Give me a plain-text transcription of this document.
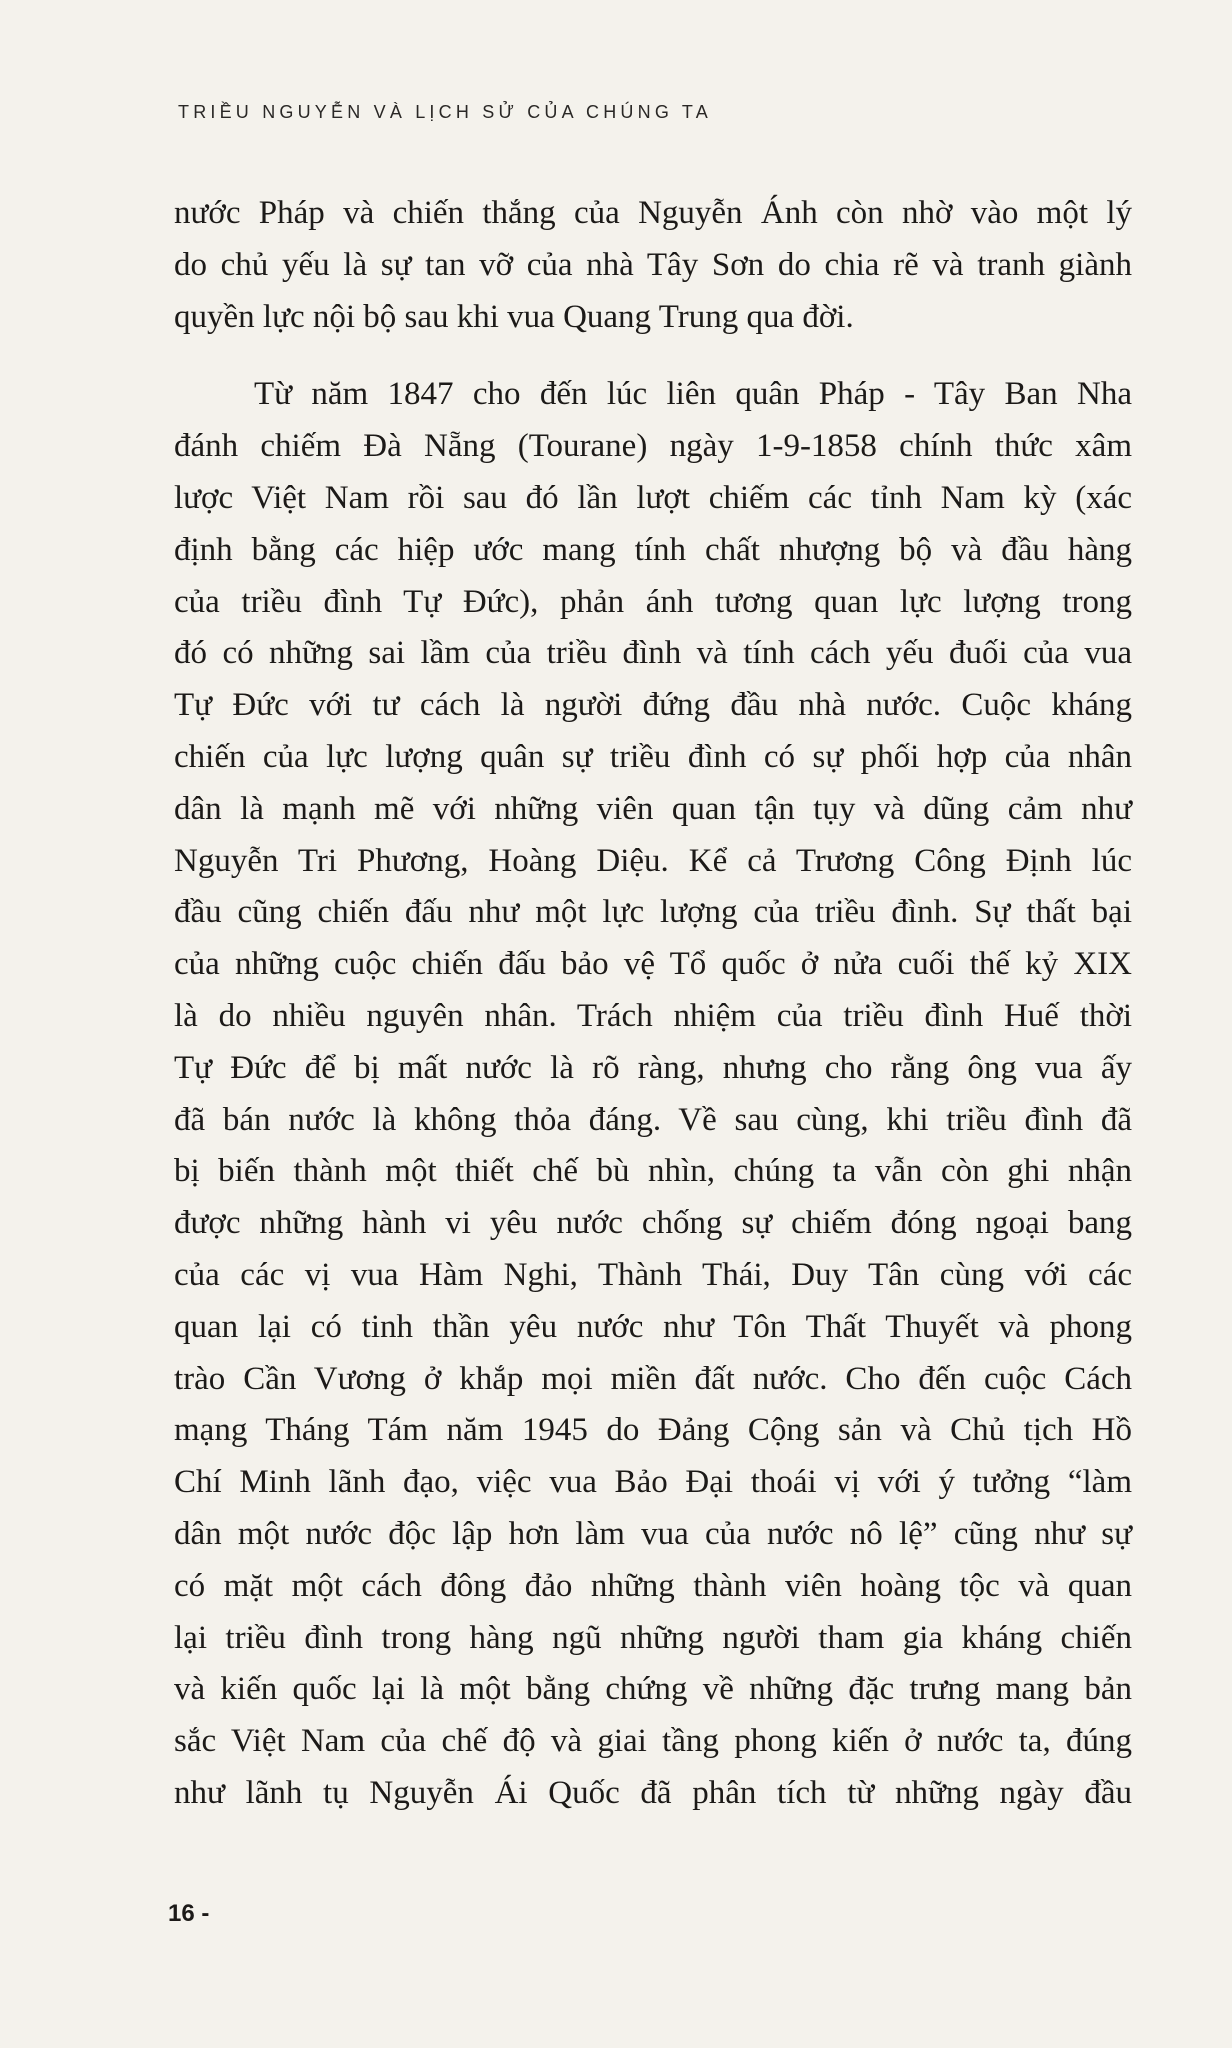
TRIỀU NGUYỄN VÀ LỊCH SỬ CỦA CHÚNG TA
nước Pháp và chiến thắng của Nguyễn Ánh còn nhờ vào một lý
do chủ yếu là sự tan vỡ của nhà Tây Sơn do chia rẽ và tranh giành
quyền lực nội bộ sau khi vua Quang Trung qua đời.
Từ năm 1847 cho đến lúc liên quân Pháp - Tây Ban Nha
đánh chiếm Đà Nẵng (Tourane) ngày 1-9-1858 chính thức xâm
lược Việt Nam rồi sau đó lần lượt chiếm các tỉnh Nam kỳ (xác
định bằng các hiệp ước mang tính chất nhượng bộ và đầu hàng
của triều đình Tự Đức), phản ánh tương quan lực lượng trong
đó có những sai lầm của triều đình và tính cách yếu đuối của vua
Tự Đức với tư cách là người đứng đầu nhà nước. Cuộc kháng
chiến của lực lượng quân sự triều đình có sự phối hợp của nhân
dân là mạnh mẽ với những viên quan tận tụy và dũng cảm như
Nguyễn Tri Phương, Hoàng Diệu. Kể cả Trương Công Định lúc
đầu cũng chiến đấu như một lực lượng của triều đình. Sự thất bại
của những cuộc chiến đấu bảo vệ Tổ quốc ở nửa cuối thế kỷ XIX
là do nhiều nguyên nhân. Trách nhiệm của triều đình Huế thời
Tự Đức để bị mất nước là rõ ràng, nhưng cho rằng ông vua ấy
đã bán nước là không thỏa đáng. Về sau cùng, khi triều đình đã
bị biến thành một thiết chế bù nhìn, chúng ta vẫn còn ghi nhận
được những hành vi yêu nước chống sự chiếm đóng ngoại bang
của các vị vua Hàm Nghi, Thành Thái, Duy Tân cùng với các
quan lại có tinh thần yêu nước như Tôn Thất Thuyết và phong
trào Cần Vương ở khắp mọi miền đất nước. Cho đến cuộc Cách
mạng Tháng Tám năm 1945 do Đảng Cộng sản và Chủ tịch Hồ
Chí Minh lãnh đạo, việc vua Bảo Đại thoái vị với ý tưởng “làm
dân một nước độc lập hơn làm vua của nước nô lệ” cũng như sự
có mặt một cách đông đảo những thành viên hoàng tộc và quan
lại triều đình trong hàng ngũ những người tham gia kháng chiến
và kiến quốc lại là một bằng chứng về những đặc trưng mang bản
sắc Việt Nam của chế độ và giai tầng phong kiến ở nước ta, đúng
như lãnh tụ Nguyễn Ái Quốc đã phân tích từ những ngày đầu
16 -
